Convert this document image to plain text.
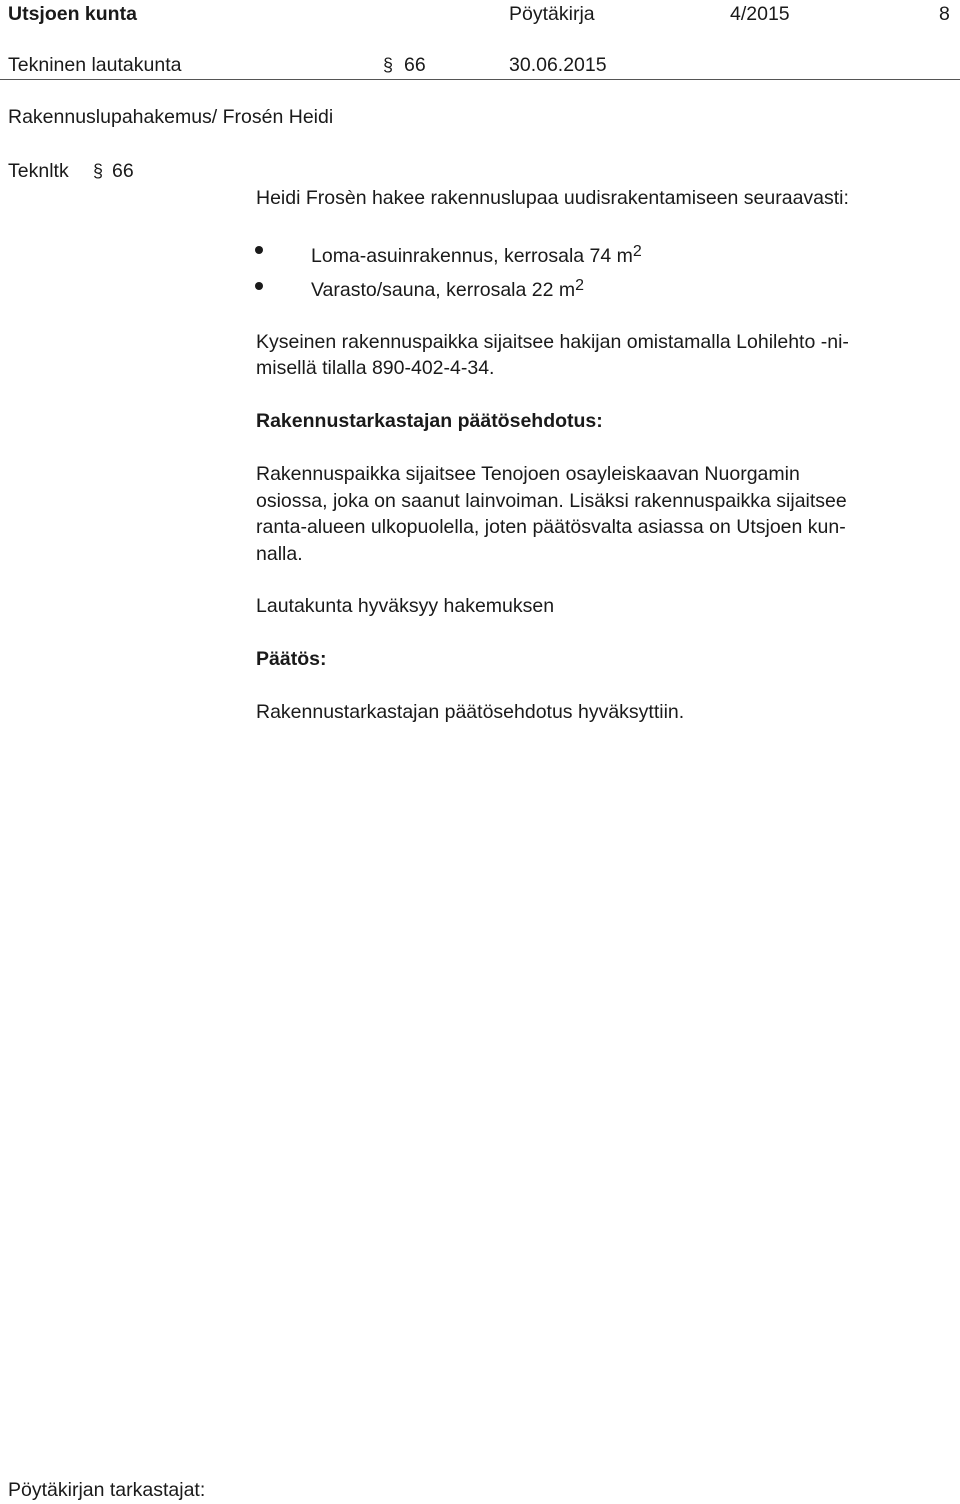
Utsjoen kunta	Pöytäkirja	4/2015	8
Tekninen lautakunta	§ 66	30.06.2015
Rakennuslupahakemus/ Frosén Heidi
Teknltk § 66
Heidi Frosèn hakee rakennuslupaa uudisrakentamiseen seuraavasti:
Loma-asuinrakennus, kerrosala 74 $m^2$
Varasto/sauna, kerrosala 22 $m^2$
Kyseinen rakennuspaikka sijaitsee hakijan omistamalla Lohilehto -ni-
misellä tilalla 890-402-4-34.
Rakennustarkastajan päätösehdotus:
Rakennuspaikka sijaitsee Tenojoen osayleiskaavan Nuorgamin
osiossa, joka on saanut lainvoiman. Lisäksi rakennuspaikka sijaitsee
ranta-alueen ulkopuolella, joten päätösvalta asiassa on Utsjoen kun-
nalla.
Lautakunta hyväksyy hakemuksen
Päätös:
Rakennustarkastajan päätösehdotus hyväksyttiin.
Pöytäkirjan tarkastajat:
